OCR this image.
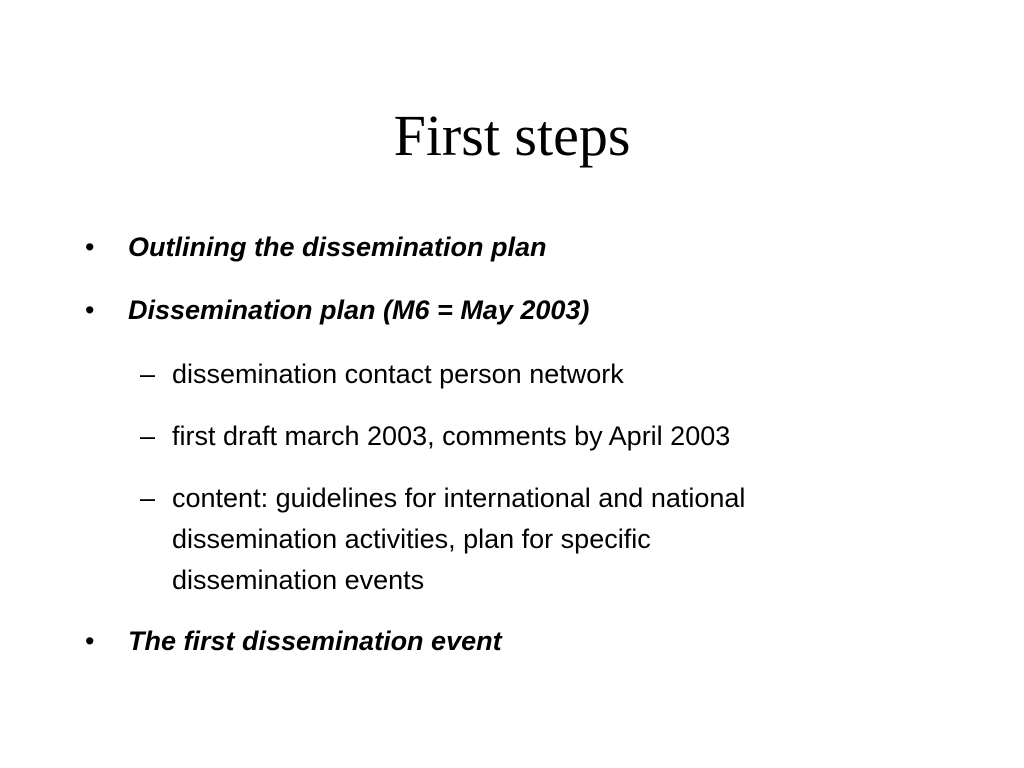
First steps
• Outlining the dissemination plan
• Dissemination plan (M6 = May 2003)
– dissemination contact person network
– first draft march 2003, comments by April 2003
– content: guidelines for international and national
dissemination activities, plan for specific
dissemination events
• The first dissemination event
